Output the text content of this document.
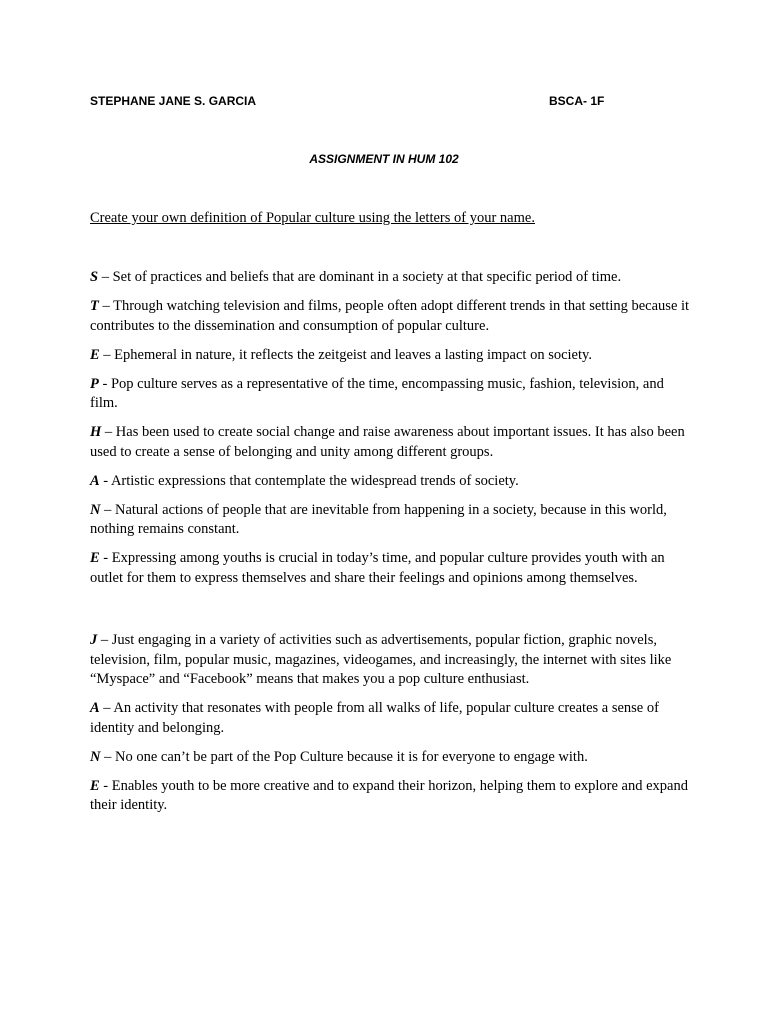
STEPHANE JANE S. GARCIA	BSCA- 1F
ASSIGNMENT IN HUM 102
Create your own definition of Popular culture using the letters of your name.

S – Set of practices and beliefs that are dominant in a society at that specific period of time.

T – Through watching television and films, people often adopt different trends in that setting because it contributes to the dissemination and consumption of popular culture.

E – Ephemeral in nature, it reflects the zeitgeist and leaves a lasting impact on society.

P - Pop culture serves as a representative of the time, encompassing music, fashion, television, and film.

H – Has been used to create social change and raise awareness about important issues. It has also been used to create a sense of belonging and unity among different groups.

A - Artistic expressions that contemplate the widespread trends of society.

N – Natural actions of people that are inevitable from happening in a society, because in this world, nothing remains constant.

E - Expressing among youths is crucial in today’s time, and popular culture provides youth with an outlet for them to express themselves and share their feelings and opinions among themselves.

J – Just engaging in a variety of activities such as advertisements, popular fiction, graphic novels, television, film, popular music, magazines, videogames, and increasingly, the internet with sites like “Myspace” and “Facebook” means that makes you a pop culture enthusiast.

A – An activity that resonates with people from all walks of life, popular culture creates a sense of identity and belonging.

N – No one can’t be part of the Pop Culture because it is for everyone to engage with.

E - Enables youth to be more creative and to expand their horizon, helping them to explore and expand their identity.
